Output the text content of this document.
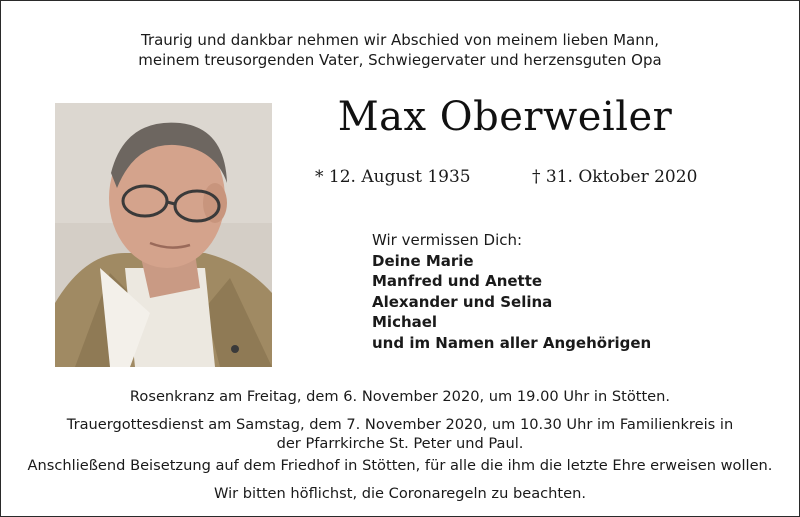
Traurig und dankbar nehmen wir Abschied von meinem lieben Mann,
meinem treusorgenden Vater, Schwiegervater und herzensguten Opa
Max Oberweiler
* 12. August 1935	† 31. Oktober 2020
Wir vermissen Dich:
Deine Marie
Manfred und Anette
Alexander und Selina
Michael
und im Namen aller Angehörigen
Rosenkranz am Freitag, dem 6. November 2020, um 19.00 Uhr in Stötten.
Trauergottesdienst am Samstag, dem 7. November 2020, um 10.30 Uhr im Familienkreis in
der Pfarrkirche St. Peter und Paul.
Anschließend Beisetzung auf dem Friedhof in Stötten, für alle die ihm die letzte Ehre erweisen wollen.
Wir bitten höflichst, die Coronaregeln zu beachten.
